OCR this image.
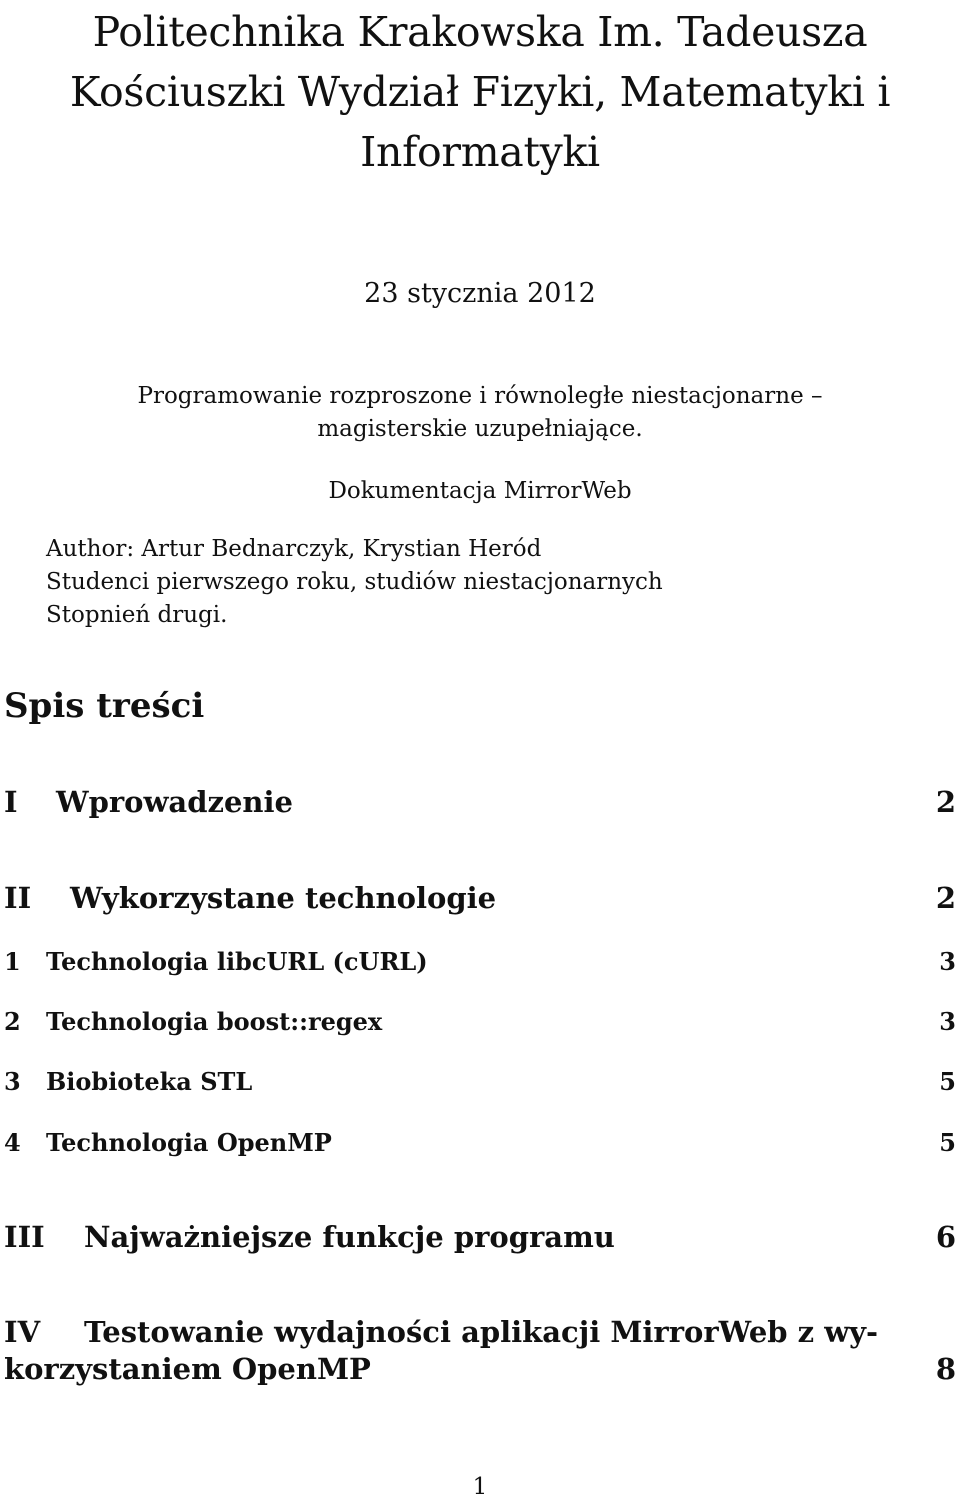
Politechnika Krakowska Im. Tadeusza
Kościuszki Wydział Fizyki, Matematyki i
Informatyki
23 stycznia 2012
Programowanie rozproszone i równoległe niestacjonarne –
magisterskie uzupełniające.
Dokumentacja MirrorWeb
Author: Artur Bednarczyk, Krystian Heród
Studenci pierwszego roku, studiów niestacjonarnych
Stopnień drugi.
Spis treści
I Wprowadzenie	2
II Wykorzystane technologie	2
1 Technologia libcURL (cURL)	3
2 Technologia boost::regex	3
3 Biobioteka STL	5
4 Technologia OpenMP	5
III Najważniejsze funkcje programu	6
IV Testowanie wydajności aplikacji MirrorWeb z wy-
korzystaniem OpenMP	8
1
